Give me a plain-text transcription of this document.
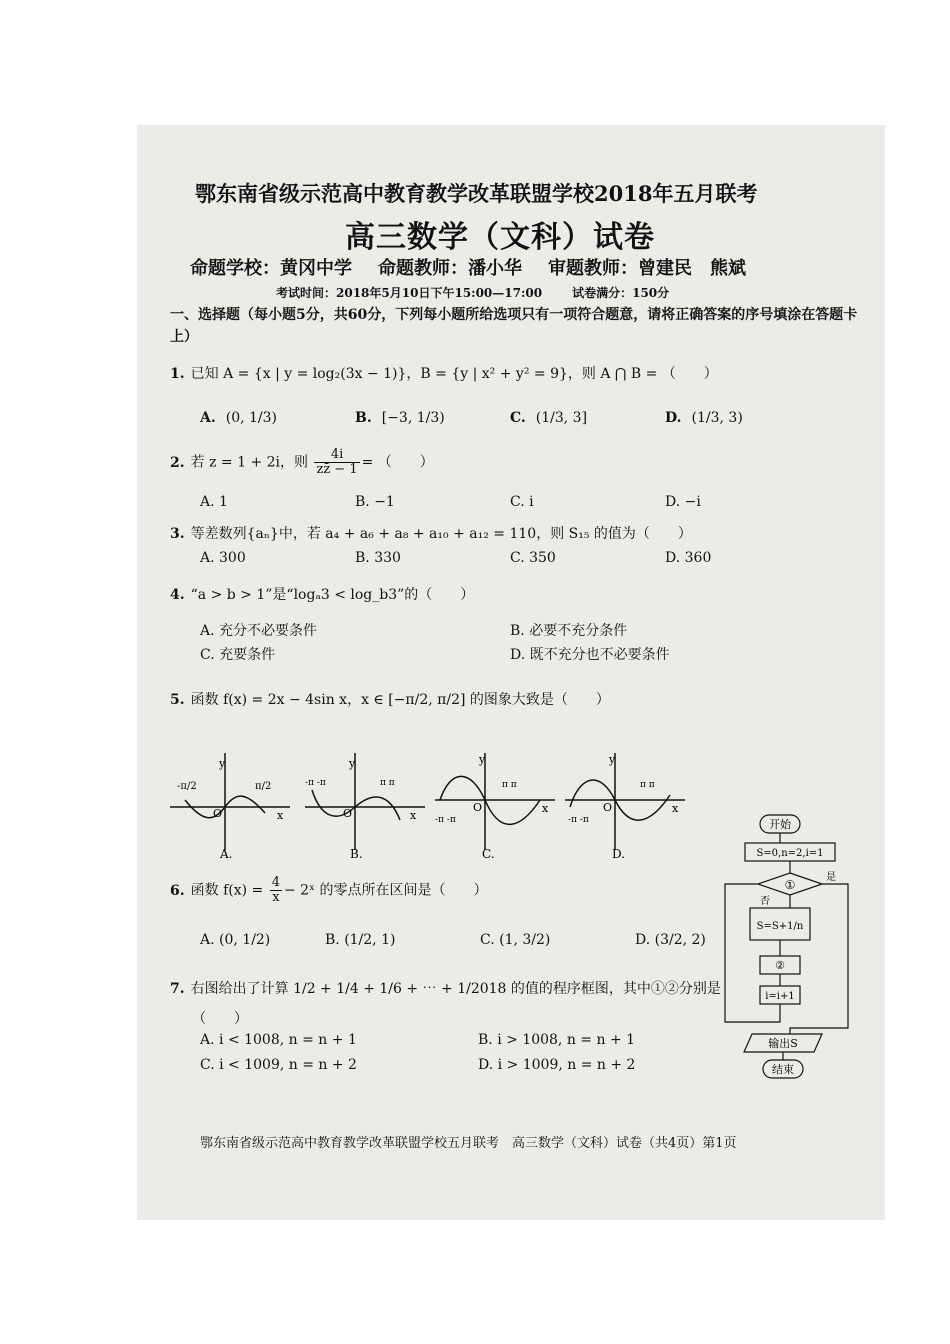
鄂东南省级示范高中教育教学改革联盟学校2018年五月联考
高三数学（文科）试卷
命题学校：黄冈中学 命题教师：潘小华 审题教师：曾建民　熊斌
考试时间：2018年5月10日下午15:00—17:00	试卷满分：150分
一、选择题（每小题5分，共60分，下列每小题所给选项只有一项符合题意，请将正确答案的序号填涂在答题卡上）
1. 已知 A = {x | y = log₂(3x − 1)}，B = {y | x² + y² = 9}，则 A ⋂ B = （　　）
A. (0, 1/3)	B. [−3, 1/3)	C. (1/3, 3]	D. (1/3, 3)
2. 若 z = 1 + 2i，则 $\frac{4i}{zz̄ - 1}$ = （　　）
A. 1	B. −1	C. i	D. −i
3. 等差数列{aₙ}中，若 a₄ + a₆ + a₈ + a₁₀ + a₁₂ = 110，则 S₁₅ 的值为（　　）
A. 300	B. 330	C. 350	D. 360
4. “a > b > 1”是“logₐ3 < log_b3”的（　　）
A. 充分不必要条件	B. 必要不充分条件
C. 充要条件	D. 既不充分也不必要条件
5. 函数 f(x) = 2x − 4sin x，x ∈ [−π/2, π/2] 的图象大致是（　　）
y
x
O
-π/2	π/2
A.
y
x
O
-π -π	π π
B.
y
x
O
-π -π
π π
C.
y
x
O
-π -π
π π
D.
6. 函数 $f(x) = \frac{4}{x}$ − 2ˣ 的零点所在区间是（　　）
A. (0, 1/2)	B. (1/2, 1)	C. (1, 3/2)	D. (3/2, 2)
7. 右图给出了计算 1/2 + 1/4 + 1/6 + ⋯ + 1/2018 的值的程序框图，其中①②分别是
（　　）
A. i < 1008, n = n + 1	B. i > 1008, n = n + 1
C. i < 1009, n = n + 2	D. i > 1009, n = n + 2
开始
S=0,n=2,i=1
①
是
否
S=S+1/n
②
i=i+1
输出S
结束
鄂东南省级示范高中教育教学改革联盟学校五月联考　高三数学（文科）试卷（共4页）第1页
